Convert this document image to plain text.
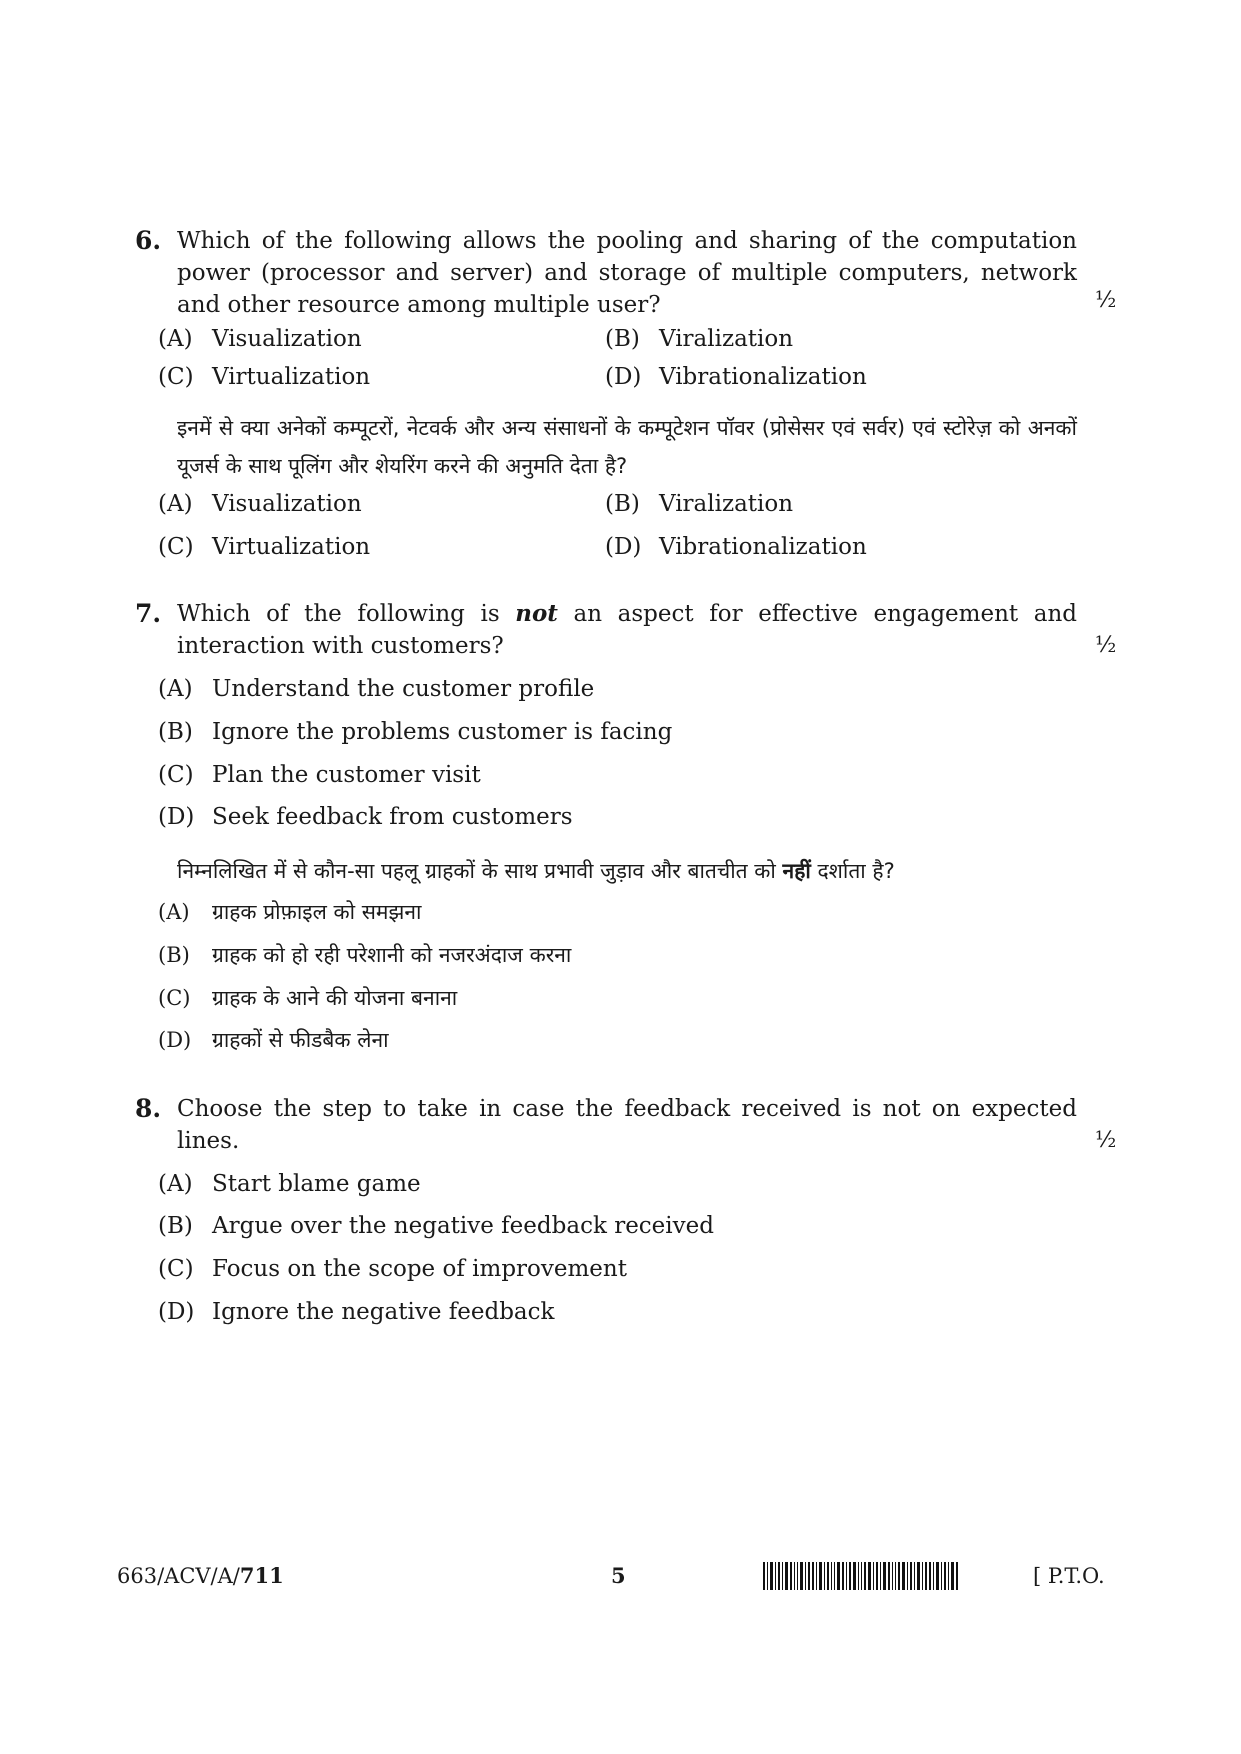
6. Which of the following allows the pooling and sharing of the computation power (processor and server) and storage of multiple computers, network and other resource among multiple user?	½
(A) Visualization	(B) Viralization
(C) Virtualization	(D) Vibrationalization
इनमें से क्या अनेकों कम्पूटरों, नेटवर्क और अन्य संसाधनों के कम्पूटेशन पॉवर (प्रोसेसर एवं सर्वर) एवं स्टोरेज़ को अनकों यूजर्स के साथ पूलिंग और शेयरिंग करने की अनुमति देता है?
(A) Visualization	(B) Viralization
(C) Virtualization	(D) Vibrationalization
7. Which of the following is not an aspect for effective engagement and interaction with customers?	½
(A) Understand the customer profile
(B) Ignore the problems customer is facing
(C) Plan the customer visit
(D) Seek feedback from customers
निम्नलिखित में से कौन-सा पहलू ग्राहकों के साथ प्रभावी जुड़ाव और बातचीत को नहीं दर्शाता है?
(A) ग्राहक प्रोफ़ाइल को समझना
(B) ग्राहक को हो रही परेशानी को नजरअंदाज करना
(C) ग्राहक के आने की योजना बनाना
(D) ग्राहकों से फीडबैक लेना
8. Choose the step to take in case the feedback received is not on expected lines.	½
(A) Start blame game
(B) Argue over the negative feedback received
(C) Focus on the scope of improvement
(D) Ignore the negative feedback
663/ACV/A/711	5	[ P.T.O.
